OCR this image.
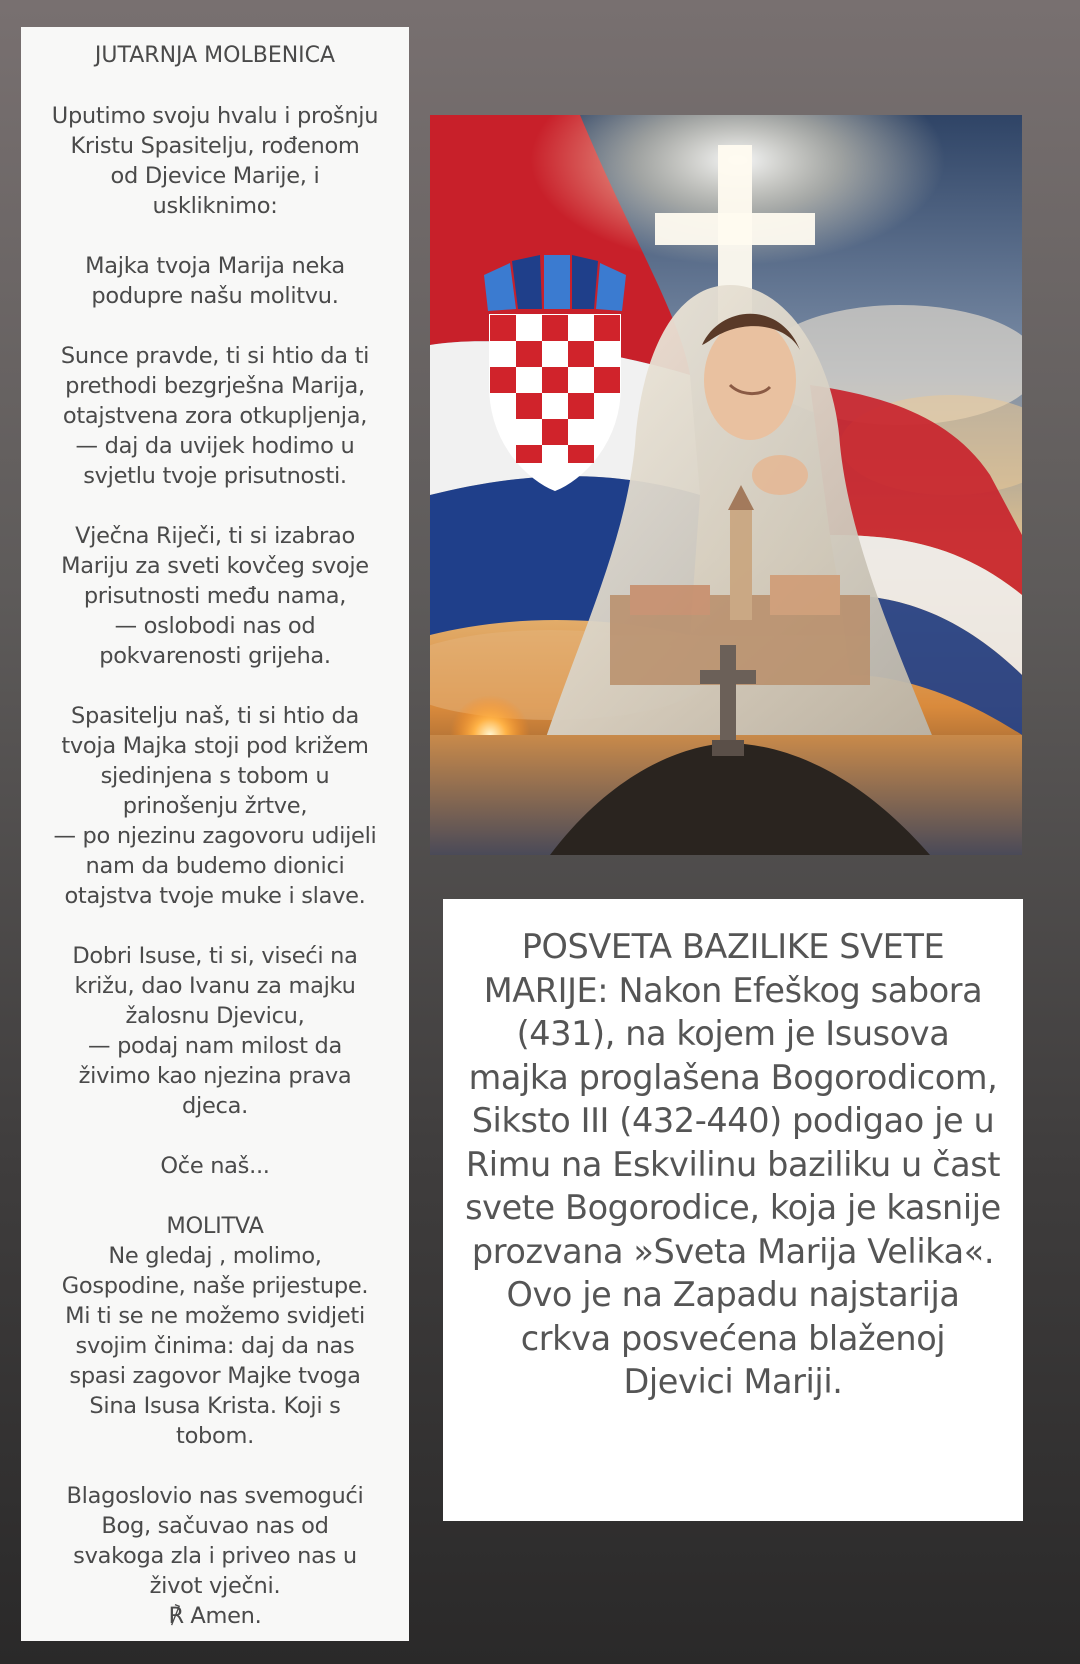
JUTARNJA MOLBENICA
Uputimo svoju hvalu i prošnju
Kristu Spasitelju, rođenom
od Djevice Marije, i
uskliknimo:
Majka tvoja Marija neka
podupre našu molitvu.
Sunce pravde, ti si htio da ti
prethodi bezgrješna Marija,
otajstvena zora otkupljenja,
— daj da uvijek hodimo u
svjetlu tvoje prisutnosti.
Vječna Riječi, ti si izabrao
Mariju za sveti kovčeg svoje
prisutnosti među nama,
— oslobodi nas od
pokvarenosti grijeha.
Spasitelju naš, ti si htio da
tvoja Majka stoji pod križem
sjedinjena s tobom u
prinošenju žrtve,
— po njezinu zagovoru udijeli
nam da budemo dionici
otajstva tvoje muke i slave.
Dobri Isuse, ti si, viseći na
križu, dao Ivanu za majku
žalosnu Djevicu,
— podaj nam milost da
živimo kao njezina prava
djeca.
Oče naš...
MOLITVA
Ne gledaj , molimo,
Gospodine, naše prijestupe.
Mi ti se ne možemo svidjeti
svojim činima: daj da nas
spasi zagovor Majke tvoga
Sina Isusa Krista. Koji s
tobom.
Blagoslovio nas svemogući
Bog, sačuvao nas od
svakoga zla i priveo nas u
život vječni.
℟ Amen.
POSVETA BAZILIKE SVETE MARIJE: Nakon Efeškog sabora (431), na kojem je Isusova majka proglašena Bogorodicom, Siksto III (432-440) podigao je u Rimu na Eskvilinu baziliku u čast svete Bogorodice, koja je kasnije prozvana »Sveta Marija Velika«. Ovo je na Zapadu najstarija crkva posvećena blaženoj Djevici Mariji.
